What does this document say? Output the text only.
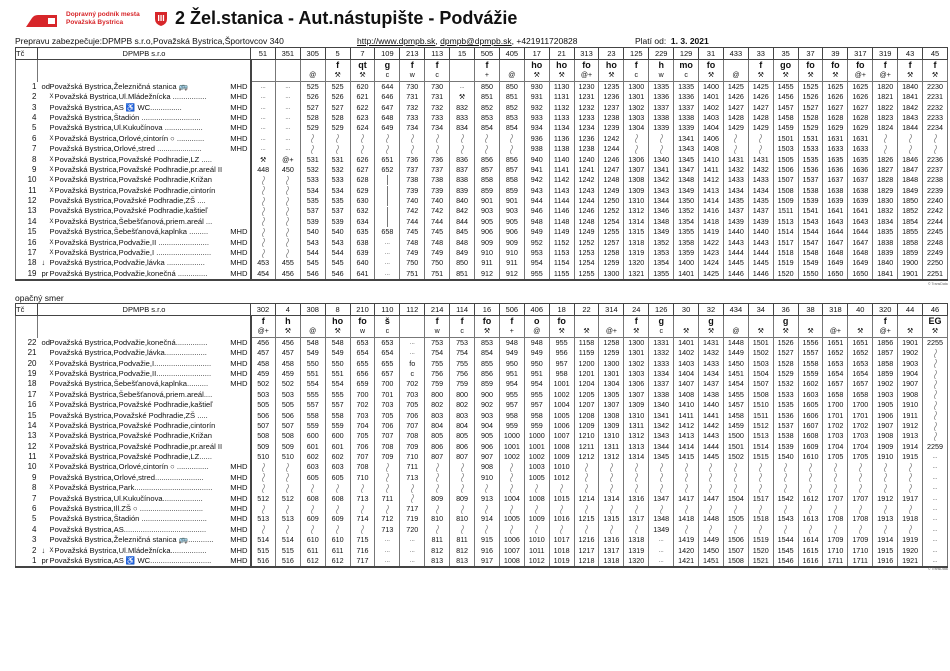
Dopravný podník mesta
Považská Bystrica	2 Žel.stanica - Aut.nástupište - Podvážie
Prepravu zabezpečuje:DPMPB s.r.o,Považská Bystrica,Športovcov 340	http://www.dpmpb.sk, dpmpb@dpmpb.sk, +421911720828	Platí od: 1. 3. 2021
Tč	DPMPB s.r.o	51	351	305	5	7	109	213	113	15	505	405	17	21	313	23	125	229	129	31	433	33	35	37	39	317	319	43	45
					f	qt	g	f	f		f		ho	ho	fo	ho	f	h	mo	fo		f	go	fo	fo	fo	f	f	f
				@	⚒	⚒	c	w	c		+	@	⚒	⚒	@+	⚒	c	w	c	⚒	@	⚒	⚒	⚒	⚒	@+	@+	⚒	⚒
1	odPovažská Bystrica,Železničná stanica 🚌 MHD	...	...	525	525	620	644	730	730	...	850	850	930	1130	1230	1235	1300	1335	1335	1400	1425	1425	1455	1525	1625	1625	1820	1840	2230
2	$^X$Považská Bystrica,Ul.Mládežnícka ................ MHD	...	...	526	526	621	646	731	731	⚒	851	851	931	1131	1231	1236	1301	1336	1336	1401	1426	1426	1456	1526	1626	1626	1821	1841	2231
3	Považská Bystrica,AS ♿ WC............... MHD	...	...	527	527	622	647	732	732	832	852	852	932	1132	1232	1237	1302	1337	1337	1402	1427	1427	1457	1527	1627	1627	1822	1842	2232
4	Považská Bystrica,Štadión ............................ MHD	...	...	528	528	623	648	733	733	833	853	853	933	1133	1233	1238	1303	1338	1338	1403	1428	1428	1458	1528	1628	1628	1823	1843	2233
5	Považská Bystrica,Ul.Kukučínova .................. MHD	...	...	529	529	624	649	734	734	834	854	854	934	1134	1234	1239	1304	1339	1339	1404	1429	1429	1459	1529	1629	1629	1824	1844	2234
6	$^X$Považská Bystrica,Orlové,cintorín ○ ............. MHD	...	...										936	1136	1236	1242			1341	1406			1501	1531	1631	1631			
7	Považská Bystrica,Orlové,stred ..................... MHD	...	...										938	1138	1238	1244			1343	1408			1503	1533	1633	1633			
8	$^X$Považská Bystrica,Považské Podhradie,LZ .....	⚒	@+	531	531	626	651	736	736	836	856	856	940	1140	1240	1246	1306	1340	1345	1410	1431	1431	1505	1535	1635	1635	1826	1846	2236
9	$^X$Považská Bystrica,Považské Podhradie,pr.areál II	448	450	532	532	627	652	737	737	837	857	857	941	1141	1241	1247	1307	1341	1347	1411	1432	1432	1506	1536	1636	1636	1827	1847	2237
10	$^X$Považská Bystrica,Považské Podhradie,Križan			533	533	628		738	738	838	858	858	942	1142	1242	1248	1308	1342	1348	1412	1433	1433	1507	1537	1637	1637	1828	1848	2238
11	$^X$Považská Bystrica,Považské Podhradie,cintorín			534	534	629		739	739	839	859	859	943	1143	1243	1249	1309	1343	1349	1413	1434	1434	1508	1538	1638	1638	1829	1849	2239
12	Považská Bystrica,Považské Podhradie,ZŠ ....			535	535	630		740	740	840	901	901	944	1144	1244	1250	1310	1344	1350	1414	1435	1435	1509	1539	1639	1639	1830	1850	2240
13	Považská Bystrica,Považské Podhradie,kaštieľ			537	537	632		742	742	842	903	903	946	1146	1246	1252	1312	1346	1352	1416	1437	1437	1511	1541	1641	1641	1832	1852	2242
14	$^X$Považská Bystrica,Šebešťanová,priem.areál ...			539	539	634		744	744	844	905	905	948	1148	1248	1254	1314	1348	1354	1418	1439	1439	1513	1543	1643	1643	1834	1854	2244
15	Považská Bystrica,Šebešťanová,kaplnka ......... MHD			540	540	635	658	745	745	845	906	906	949	1149	1249	1255	1315	1349	1355	1419	1440	1440	1514	1544	1644	1644	1835	1855	2245
16	$^X$Považská Bystrica,Podvažie,II ........................ MHD			543	543	638	...	748	748	848	909	909	952	1152	1252	1257	1318	1352	1358	1422	1443	1443	1517	1547	1647	1647	1838	1858	2248
17	$^X$Považská Bystrica,Podvažie,I .......................... MHD			544	544	639	...	749	749	849	910	910	953	1153	1253	1258	1319	1353	1359	1423	1444	1444	1518	1548	1648	1648	1839	1859	2249
18	↓ Považská Bystrica,Podvažie,lávka .................. MHD	453	455	545	545	640	...	750	750	850	911	911	954	1154	1254	1259	1320	1354	1400	1424	1445	1445	1519	1549	1649	1649	1840	1900	2250
19	prPovažská Bystrica,Podvažie,konečná .............. MHD	454	456	546	546	641	...	751	751	851	912	912	955	1155	1255	1300	1321	1355	1401	1425	1446	1446	1520	1550	1650	1650	1841	1901	2251
© TransData
opačný smer
Tč	DPMPB s.r.o	302	4	308	8	210	110	112	214	114	16	506	406	18	22	314	24	126	30	32	434	34	36	38	318	40	320	44	46
		f	h		ho	fo	š		f	f	fo	f	o	fo			f	g		g			g				f		EG
		@+	⚒	@	⚒	w	c		w	c	⚒	+	@	⚒	⚒	@+	⚒	c	⚒	⚒	@	⚒	⚒	⚒	@+	⚒	@+	⚒	⚒
22	odPovažská Bystrica,Podvažie,konečná............... MHD	456	456	548	548	653	653	...	753	753	853	948	948	955	1158	1258	1300	1331	1401	1431	1448	1501	1526	1556	1651	1651	1856	1901	2255
21	Považská Bystrica,Podvažie,lávka.................... MHD	457	457	549	549	654	654	...	754	754	854	949	949	956	1159	1259	1301	1332	1402	1432	1449	1502	1527	1557	1652	1652	1857	1902	
20	$^X$Považská Bystrica,Podvažie,I........................... MHD	458	458	550	550	655	655	fo	755	755	855	950	950	957	1200	1300	1302	1333	1403	1433	1450	1503	1528	1558	1653	1653	1858	1903	
19	$^X$Považská Bystrica,Podvažie,II.......................... MHD	459	459	551	551	656	657	c	756	756	856	951	951	958	1201	1301	1303	1334	1404	1434	1451	1504	1529	1559	1654	1654	1859	1904	
18	Považská Bystrica,Šebešťanová,kaplnka.......... MHD	502	502	554	554	659	700	702	759	759	859	954	954	1001	1204	1304	1306	1337	1407	1437	1454	1507	1532	1602	1657	1657	1902	1907	
17	$^X$Považská Bystrica,Šebešťanová,priem.areál....	503	503	555	555	700	701	703	800	800	900	955	955	1002	1205	1305	1307	1338	1408	1438	1455	1508	1533	1603	1658	1658	1903	1908	
16	$^X$Považská Bystrica,Považské Podhradie,kaštieľ	505	505	557	557	702	703	705	802	802	902	957	957	1004	1207	1307	1309	1340	1410	1440	1457	1510	1535	1605	1700	1700	1905	1910	
15	Považská Bystrica,Považské Podhradie,ZŠ .....	506	506	558	558	703	705	706	803	803	903	958	958	1005	1208	1308	1310	1341	1411	1441	1458	1511	1536	1606	1701	1701	1906	1911	
14	$^X$Považská Bystrica,Považské Podhradie,cintorín	507	507	559	559	704	706	707	804	804	904	959	959	1006	1209	1309	1311	1342	1412	1442	1459	1512	1537	1607	1702	1702	1907	1912	
13	$^X$Považská Bystrica,Považské Podhradie,Križan	508	508	600	600	705	707	708	805	805	905	1000	1000	1007	1210	1310	1312	1343	1413	1443	1500	1513	1538	1608	1703	1703	1908	1913	
12	$^X$Považská Bystrica,Považské Podhradie,pr.areál II	509	509	601	601	706	708	709	806	806	906	1001	1001	1008	1211	1311	1313	1344	1414	1444	1501	1514	1539	1609	1704	1704	1909	1914	2259
11	$^X$Považská Bystrica,Považské Podhradie,LZ......	510	510	602	602	707	709	710	807	807	907	1002	1002	1009	1212	1312	1314	1345	1415	1445	1502	1515	1540	1610	1705	1705	1910	1915	...
10	$^X$Považská Bystrica,Orlové,cintorín ○ ............... MHD			603	603	708		711			908		1003	1010															...
9	Považská Bystrica,Orlové,stred....................... MHD			605	605	710		713			910		1005	1012															...
8	$^X$Považská Bystrica,Park..................................... MHD																												...
7	Považská Bystrica,Ul.Kukučínova................... MHD	512	512	608	608	713	711		809	809	913	1004	1008	1015	1214	1314	1316	1347	1417	1447	1504	1517	1542	1612	1707	1707	1912	1917	...
6	Považská Bystrica,Ill.ZŠ ○ .............................. MHD							717																					...
5	Považská Bystrica,Štadión ............................... MHD	513	513	609	609	714	712	719	810	810	914	1005	1009	1016	1215	1315	1317	1348	1418	1448	1505	1518	1543	1613	1708	1708	1913	1918	...
4	Považská Bystrica,AS....................................... MHD						713	720										1349											...
3	Považská Bystrica,Železničná stanica 🚌............ MHD	514	514	610	610	715	...	...	811	811	915	1006	1010	1017	1216	1316	1318	...	1419	1449	1506	1519	1544	1614	1709	1709	1914	1919	...
2	↓ $^X$Považská Bystrica,Ul.Mládežnícka................. MHD	515	515	611	611	716	...	...	812	812	916	1007	1011	1018	1217	1317	1319	...	1420	1450	1507	1520	1545	1615	1710	1710	1915	1920	...
1	prPovažská Bystrica,AS ♿ WC............................. MHD	516	516	612	612	717	...	...	813	813	917	1008	1012	1019	1218	1318	1320	...	1421	1451	1508	1521	1546	1616	1711	1711	1916	1921	...
© TransData
